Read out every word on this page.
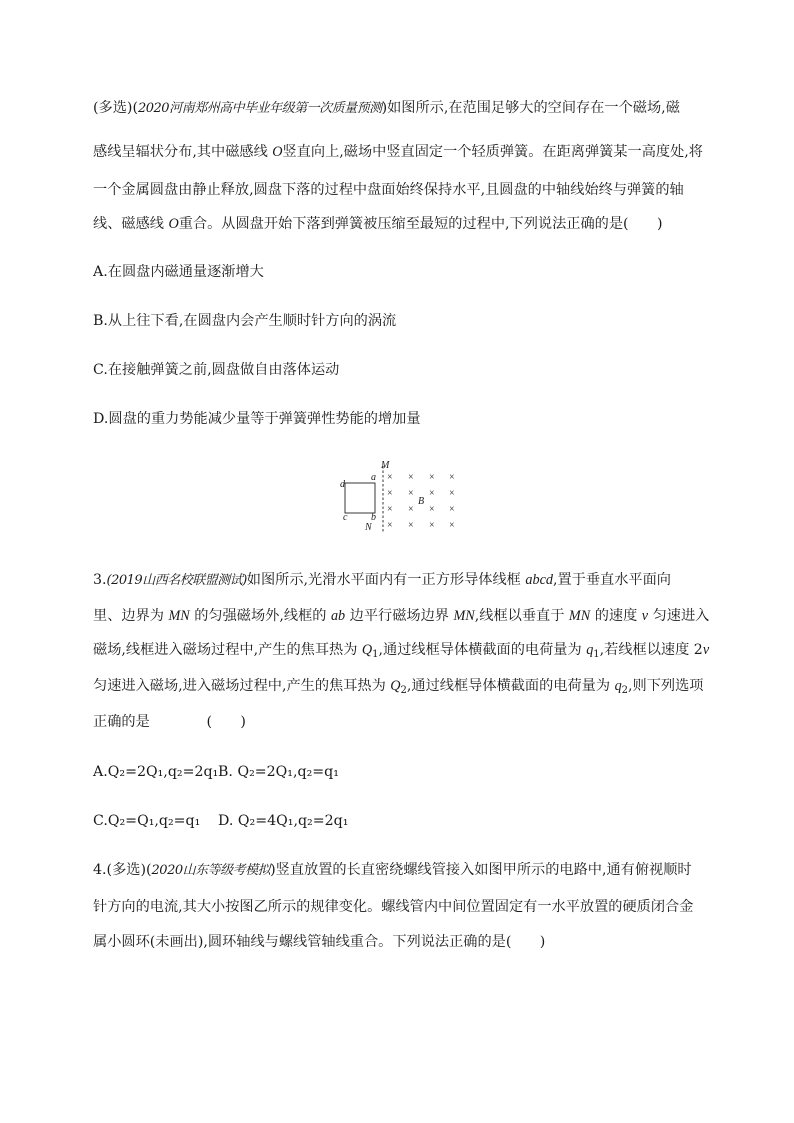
(多选)(2020河南郑州高中毕业年级第一次质量预测)如图所示,在范围足够大的空间存在一个磁场,磁
感线呈辐状分布,其中磁感线 O竖直向上,磁场中竖直固定一个轻质弹簧。在距离弹簧某一高度处,将
一个金属圆盘由静止释放,圆盘下落的过程中盘面始终保持水平,且圆盘的中轴线始终与弹簧的轴
线、磁感线 O重合。从圆盘开始下落到弹簧被压缩至最短的过程中,下列说法正确的是(　　)
A.在圆盘内磁通量逐渐增大
B.从上往下看,在圆盘内会产生顺时针方向的涡流
C.在接触弹簧之前,圆盘做自由落体运动
D.圆盘的重力势能减少量等于弹簧弹性势能的增加量
M
N
a
b
c
d
B
× × × ×
× × × ×
× × × ×
× × × ×
3.(2019山西名校联盟测试)如图所示,光滑水平面内有一正方形导体线框 abcd,置于垂直水平面向
里、边界为 MN 的匀强磁场外,线框的 ab 边平行磁场边界 MN,线框以垂直于 MN 的速度 v 匀速进入
磁场,线框进入磁场过程中,产生的焦耳热为 $Q_1$,通过线框导体横截面的电荷量为 $q_1$,若线框以速度 2v
匀速进入磁场,进入磁场过程中,产生的焦耳热为 $Q_2$,通过线框导体横截面的电荷量为 $q_2$,则下列选项
正确的是　　　　(　　)
A.Q₂=2Q₁,q₂=2q₁ B. Q₂=2Q₁,q₂=q₁
C.Q₂=Q₁,q₂=q₁ D. Q₂=4Q₁,q₂=2q₁
4.(多选)(2020山东等级考模拟)竖直放置的长直密绕螺线管接入如图甲所示的电路中,通有俯视顺时
针方向的电流,其大小按图乙所示的规律变化。螺线管内中间位置固定有一水平放置的硬质闭合金
属小圆环(未画出),圆环轴线与螺线管轴线重合。下列说法正确的是(　　)
